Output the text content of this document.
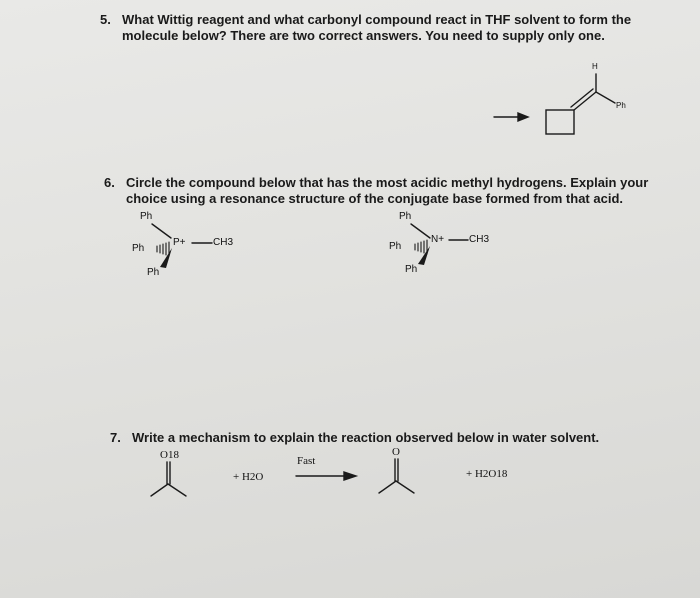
5. What Wittig reagent and what carbonyl compound react in THF solvent to form the
molecule below? There are two correct answers. You need to supply only one.
6. Circle the compound below that has the most acidic methyl hydrogens. Explain your
choice using a resonance structure of the conjugate base formed from that acid.
7. Write a mechanism to explain the reaction observed below in water solvent.
H
Ph
Ph
Ph
P+	CH3
Ph
Ph
Ph
N+ CH3
Ph
O18
+ H2O
Fast
O
+ H2O18
